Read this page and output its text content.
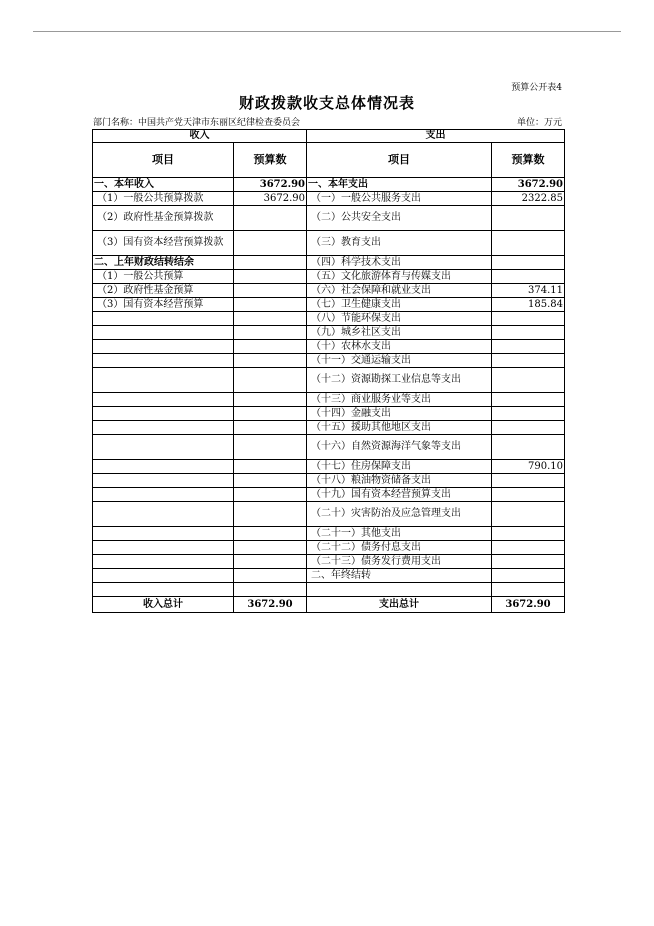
预算公开表4
财政拨款收支总体情况表
部门名称：中国共产党天津市东丽区纪律检查委员会	单位：万元
收入		支出	
项目	预算数	项目	预算数
一、本年收入	3672.90	一、本年支出	3672.90
（1）一般公共预算拨款	3672.90	（一）一般公共服务支出	2322.85
（2）政府性基金预算拨款		（二）公共安全支出	
（3）国有资本经营预算拨款		（三）教育支出	
二、上年财政结转结余		（四）科学技术支出	
（1）一般公共预算		（五）文化旅游体育与传媒支出	
（2）政府性基金预算		（六）社会保障和就业支出	374.11
（3）国有资本经营预算		（七）卫生健康支出	185.84
		（八）节能环保支出	
		（九）城乡社区支出	
		（十）农林水支出	
		（十一）交通运输支出	
		（十二）资源勘探工业信息等支出	
		（十三）商业服务业等支出	
		（十四）金融支出	
		（十五）援助其他地区支出	
		（十六）自然资源海洋气象等支出	
		（十七）住房保障支出	790.10
		（十八）粮油物资储备支出	
		（十九）国有资本经营预算支出	
		（二十）灾害防治及应急管理支出	
		（二十一）其他支出	
		（二十二）债务付息支出	
		（二十三）债务发行费用支出	
		二、年终结转	

收入总计	3672.90	支出总计	3672.90
